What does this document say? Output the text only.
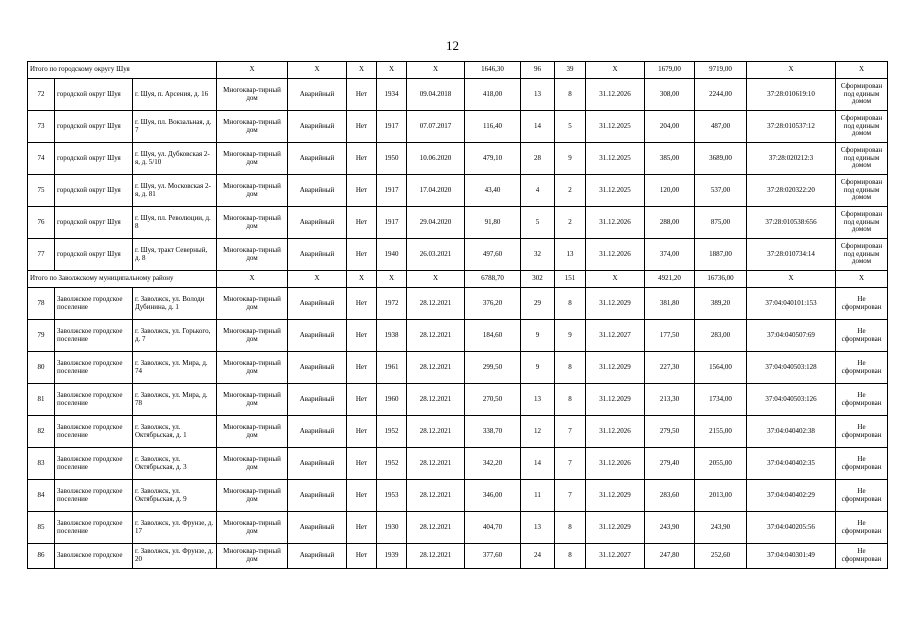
12
Итого по городскому округу Шуя			Х	Х	Х	Х	Х	1646,30	96	39	Х	1679,00	9719,00	Х	Х
72	городской округ Шуя	г. Шуя, п. Арсения, д. 16	Многоквар-тирный дом	Аварийный	Нет	1934	09.04.2018	418,00	13	8	31.12.2026	308,00	2244,00	37:28:010619:10	Сформирован под единым домом
73	городской округ Шуя	г. Шуя, пл. Вокзальная, д. 7	Многоквар-тирный дом	Аварийный	Нет	1917	07.07.2017	116,40	14	5	31.12.2025	204,00	487,00	37:28:010537:12	Сформирован под единым домом
74	городской округ Шуя	г. Шуя, ул. Дубковская 2-я, д. 5/10	Многоквар-тирный дом	Аварийный	Нет	1950	10.06.2020	479,10	28	9	31.12.2025	385,00	3689,00	37:28:020212:3	Сформирован под единым домом
75	городской округ Шуя	г. Шуя, ул. Московская 2-я, д. 81	Многоквар-тирный дом	Аварийный	Нет	1917	17.04.2020	43,40	4	2	31.12.2025	120,00	537,00	37:28:020322:20	Сформирован под единым домом
76	городской округ Шуя	г. Шуя, пл. Революции, д. 8	Многоквар-тирный дом	Аварийный	Нет	1917	29.04.2020	91,80	5	2	31.12.2026	288,00	875,00	37:28:010538:656	Сформирован под единым домом
77	городской округ Шуя	г. Шуя, тракт Северный, д. 8	Многоквар-тирный дом	Аварийный	Нет	1940	26.03.2021	497,60	32	13	31.12.2026	374,00	1887,00	37:28:010734:14	Сформирован под единым домом
Итого по Заволжскому муниципальному району			Х	Х	Х	Х	Х	6788,70	302	151	Х	4921,20	16736,00	Х	Х
78	Заволжское городское поселение	г. Заволжск, ул. Володи Дубинина, д. 1	Многоквар-тирный дом	Аварийный	Нет	1972	28.12.2021	376,20	29	8	31.12.2029	381,80	389,20	37:04:040101:153	Не сформирован
79	Заволжское городское поселение	г. Заволжск, ул. Горького, д. 7	Многоквар-тирный дом	Аварийный	Нет	1938	28.12.2021	184,60	9	9	31.12.2027	177,50	283,00	37:04:040507:69	Не сформирован
80	Заволжское городское поселение	г. Заволжск, ул. Мира, д. 74	Многоквар-тирный дом	Аварийный	Нет	1961	28.12.2021	299,50	9	8	31.12.2029	227,30	1564,00	37:04:040503:128	Не сформирован
81	Заволжское городское поселение	г. Заволжск, ул. Мира, д. 78	Многоквар-тирный дом	Аварийный	Нет	1960	28.12.2021	270,50	13	8	31.12.2029	213,30	1734,00	37:04:040503:126	Не сформирован
82	Заволжское городское поселение	г. Заволжск, ул. Октябрьская, д. 1	Многоквар-тирный дом	Аварийный	Нет	1952	28.12.2021	338,70	12	7	31.12.2026	279,50	2155,00	37:04:040402:38	Не сформирован
83	Заволжское городское поселение	г. Заволжск, ул. Октябрьская, д. 3	Многоквар-тирный дом	Аварийный	Нет	1952	28.12.2021	342,20	14	7	31.12.2026	279,40	2055,00	37:04:040402:35	Не сформирован
84	Заволжское городское поселение	г. Заволжск, ул. Октябрьская, д. 9	Многоквар-тирный дом	Аварийный	Нет	1953	28.12.2021	346,00	11	7	31.12.2029	283,60	2013,00	37:04:040402:29	Не сформирован
85	Заволжское городское поселение	г. Заволжск, ул. Фрунзе, д. 17	Многоквар-тирный дом	Аварийный	Нет	1930	28.12.2021	404,70	13	8	31.12.2029	243,90	243,90	37:04:040205:56	Не сформирован
86	Заволжское городское	г. Заволжск, ул. Фрунзе, д. 20	Многоквар-тирный дом	Аварийный	Нет	1939	28.12.2021	377,60	24	8	31.12.2027	247,80	252,60	37:04:040301:49	Не сформирован
